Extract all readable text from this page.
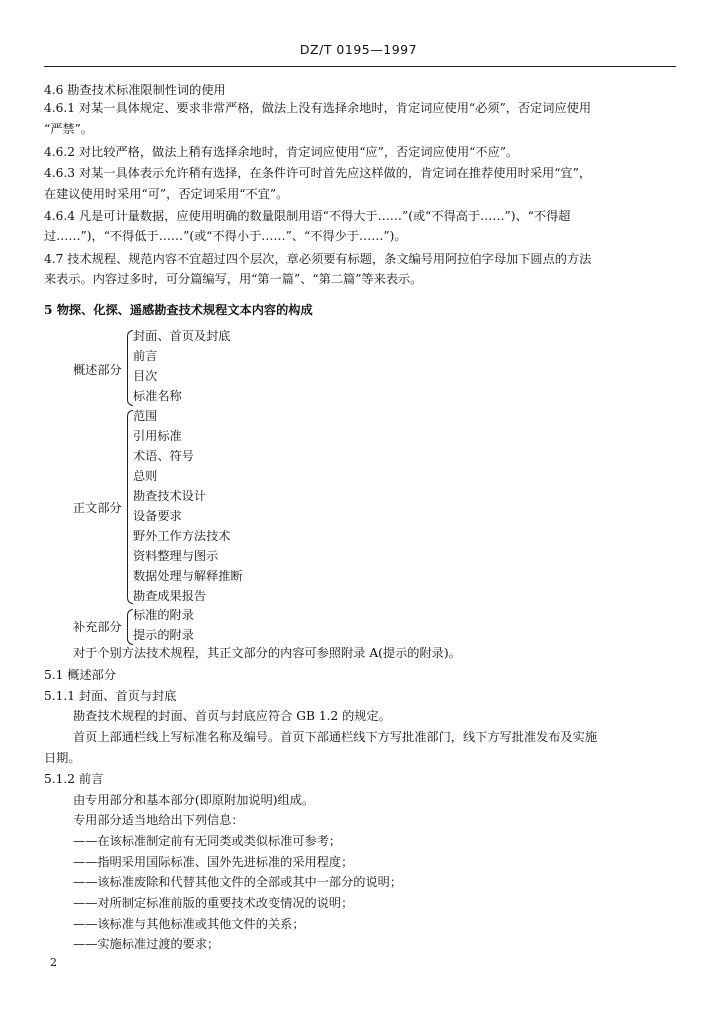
DZ/T 0195—1997
4.6 勘查技术标准限制性词的使用
4.6.1 对某一具体规定、要求非常严格，做法上没有选择余地时，肯定词应使用“必须”，否定词应使用
“严禁”。
4.6.2 对比较严格，做法上稍有选择余地时，肯定词应使用“应”，否定词应使用“不应”。
4.6.3 对某一具体表示允许稍有选择，在条件许可时首先应这样做的，肯定词在推荐使用时采用“宜”，
在建议使用时采用“可”，否定词采用“不宜”。
4.6.4 凡是可计量数据，应使用明确的数量限制用语“不得大于……”(或“不得高于……”)、“不得超
过……”)，“不得低于……”(或“不得小于……”、“不得少于……”)。
4.7 技术规程、规范内容不宜超过四个层次，章必须要有标题，条文编号用阿拉伯字母加下圆点的方法
来表示。内容过多时，可分篇编写，用“第一篇”、“第二篇”等来表示。
5 物探、化探、遥感勘查技术规程文本内容的构成
概述部分
封面、首页及封底
前言
目次
标准名称
正文部分
范围
引用标准
术语、符号
总则
勘查技术设计
设备要求
野外工作方法技术
资料整理与图示
数据处理与解释推断
勘查成果报告
补充部分
标准的附录
提示的附录
对于个别方法技术规程，其正文部分的内容可参照附录 A(提示的附录)。
5.1 概述部分
5.1.1 封面、首页与封底
勘查技术规程的封面、首页与封底应符合 GB 1.2 的规定。
首页上部通栏线上写标准名称及编号。首页下部通栏线下方写批准部门，线下方写批准发布及实施
日期。
5.1.2 前言
由专用部分和基本部分(即原附加说明)组成。
专用部分适当地给出下列信息：
——在该标准制定前有无同类或类似标准可参考；
——指明采用国际标准、国外先进标准的采用程度；
——该标准废除和代替其他文件的全部或其中一部分的说明；
——对所制定标准前版的重要技术改变情况的说明；
——该标准与其他标准或其他文件的关系；
——实施标准过渡的要求；
2
